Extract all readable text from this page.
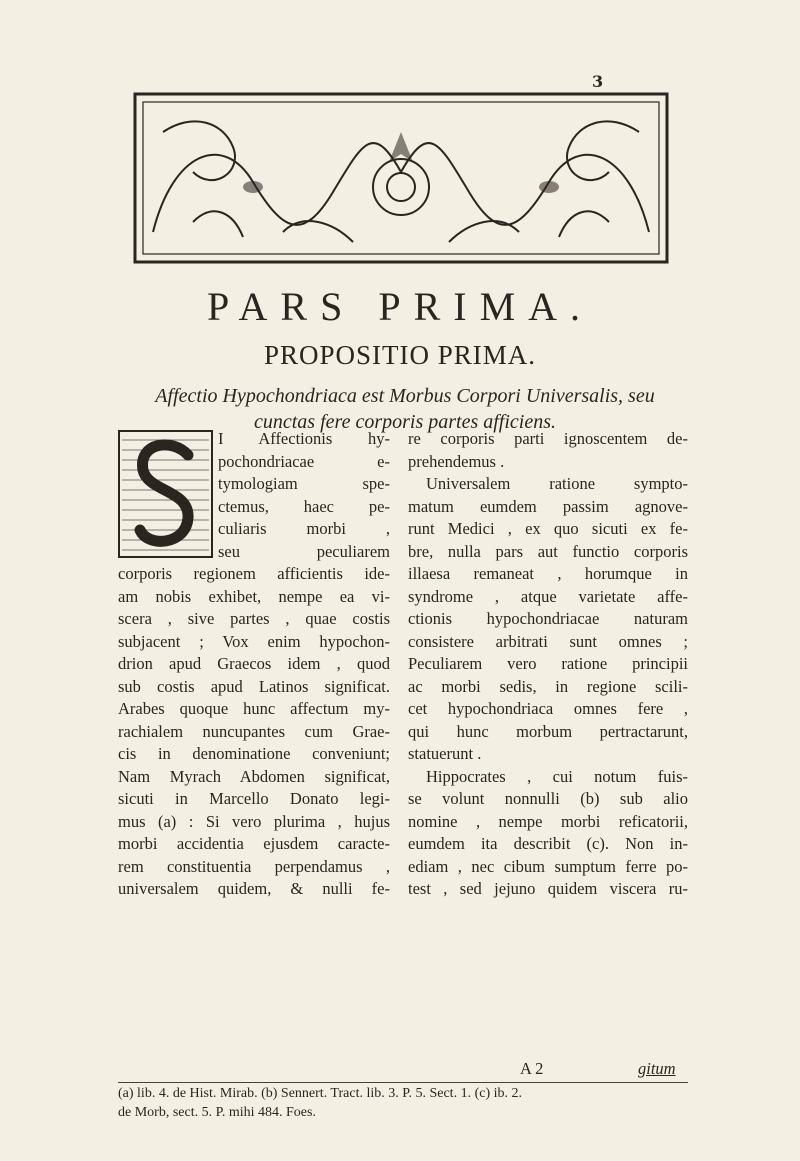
3
PARS PRIMA.
PROPOSITIO PRIMA.
Affectio Hypochondriaca est Morbus Corpori Universalis, seu
cunctas fere corporis partes afficiens.
I Affectionis hy-
pochondriacae e-
tymologiam spe-
ctemus, haec pe-
culiaris morbi ,
seu peculiarem
corporis regionem afficientis ide-
am nobis exhibet, nempe ea vi-
scera , sive partes , quae costis
subjacent ; Vox enim hypochon-
drion apud Graecos idem , quod
sub costis apud Latinos significat.
Arabes quoque hunc affectum my-
rachialem nuncupantes cum Grae-
cis in denominatione conveniunt;
Nam Myrach Abdomen significat,
sicuti in Marcello Donato legi-
mus (a) : Si vero plurima , hujus
morbi accidentia ejusdem caracte-
rem constituentia perpendamus ,
universalem quidem, & nulli fe-
re corporis parti ignoscentem de-
prehendemus .
Universalem ratione sympto-
matum eumdem passim agnove-
runt Medici , ex quo sicuti ex fe-
bre, nulla pars aut functio corporis
illaesa remaneat , horumque in
syndrome , atque varietate affe-
ctionis hypochondriacae naturam
consistere arbitrati sunt omnes ;
Peculiarem vero ratione principii
ac morbi sedis, in regione scili-
cet hypochondriaca omnes fere ,
qui hunc morbum pertractarunt,
statuerunt .
Hippocrates , cui notum fuis-
se volunt nonnulli (b) sub alio
nomine , nempe morbi reficatorii,
eumdem ita describit (c). Non in-
ediam , nec cibum sumptum ferre po-
test , sed jejuno quidem viscera ru-
A 2	gitum
(a) lib. 4. de Hist. Mirab. (b) Sennert. Tract. lib. 3. P. 5. Sect. 1. (c) ib. 2.
de Morb, sect. 5. P. mihi 484. Foes.
